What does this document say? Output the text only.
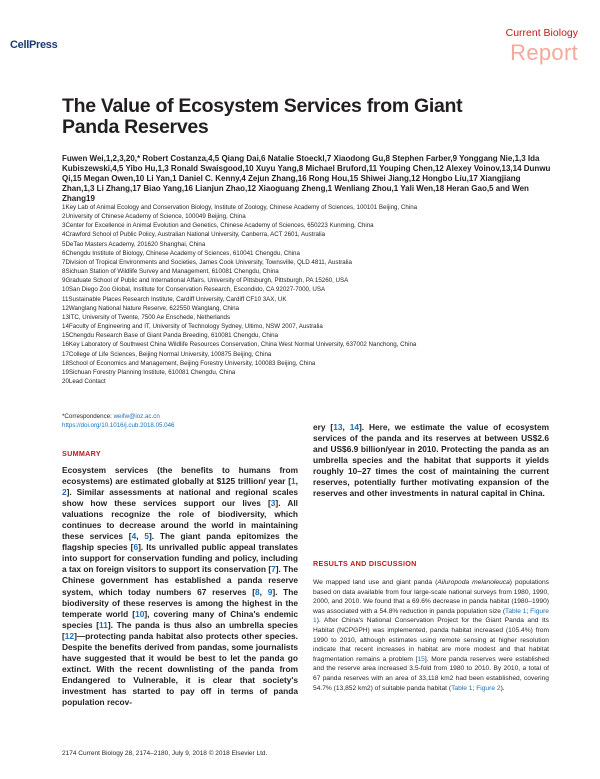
CellPress
Current Biology
Report
The Value of Ecosystem Services from Giant Panda Reserves

Fuwen Wei,1,2,3,20,* Robert Costanza,4,5 Qiang Dai,6 Natalie Stoeckl,7 Xiaodong Gu,8 Stephen Farber,9 Yonggang Nie,1,3 Ida Kubiszewski,4,5 Yibo Hu,1,3 Ronald Swaisgood,10 Xuyu Yang,8 Michael Bruford,11 Youping Chen,12 Alexey Voinov,13,14 Dunwu Qi,15 Megan Owen,10 Li Yan,1 Daniel C. Kenny,4 Zejun Zhang,16 Rong Hou,15 Shiwei Jiang,12 Hongbo Liu,17 Xiangjiang Zhan,1,3 Li Zhang,17 Biao Yang,16 Lianjun Zhao,12 Xiaoguang Zheng,1 Wenliang Zhou,1 Yali Wen,18 Heran Gao,5 and Wen Zhang19

1Key Lab of Animal Ecology and Conservation Biology, Institute of Zoology, Chinese Academy of Sciences, 100101 Beijing, China
2University of Chinese Academy of Science, 100049 Beijing, China
3Center for Excellence in Animal Evolution and Genetics, Chinese Academy of Sciences, 650223 Kunming, China
4Crawford School of Public Policy, Australian National University, Canberra, ACT 2601, Australia
5DeTao Masters Academy, 201620 Shanghai, China
6Chengdu Institute of Biology, Chinese Academy of Sciences, 610041 Chengdu, China
7Division of Tropical Environments and Societies, James Cook University, Townsville, QLD 4811, Australia
8Sichuan Station of Wildlife Survey and Management, 610081 Chengdu, China
9Graduate School of Public and International Affairs, University of Pittsburgh, Pittsburgh, PA 15260, USA
10San Diego Zoo Global, Institute for Conservation Research, Escondido, CA 92027-7000, USA
11Sustainable Places Research Institute, Cardiff University, Cardiff CF10 3AX, UK
12Wanglang National Nature Reserve, 622550 Wanglang, China
13ITC, University of Twente, 7500 Ae Enschede, Netherlands
14Faculty of Engineering and IT, University of Technology Sydney, Ultimo, NSW 2007, Australia
15Chengdu Research Base of Giant Panda Breeding, 610081 Chengdu, China
16Key Laboratory of Southwest China Wildlife Resources Conservation, China West Normal University, 637002 Nanchong, China
17College of Life Sciences, Beijing Normal University, 100875 Beijing, China
18School of Economics and Management, Beijing Forestry University, 100083 Beijing, China
19Sichuan Forestry Planning Institute, 610081 Chengdu, China
20Lead Contact
*Correspondence: weifw@ioz.ac.cn
https://doi.org/10.1016/j.cub.2018.05.046
SUMMARY

Ecosystem services (the benefits to humans from ecosystems) are estimated globally at $125 trillion/ year [1, 2]. Similar assessments at national and regional scales show how these services support our lives [3]. All valuations recognize the role of biodiversity, which continues to decrease around the world in maintaining these services [4, 5]. The giant panda epitomizes the flagship species [6]. Its unrivalled public appeal translates into support for conservation funding and policy, including a tax on foreign visitors to support its conservation [7]. The Chinese government has established a panda reserve system, which today numbers 67 reserves [8, 9]. The biodiversity of these reserves is among the highest in the temperate world [10], covering many of China's endemic species [11]. The panda is thus also an umbrella species [12]—protecting panda habitat also protects other species. Despite the benefits derived from pandas, some journalists have suggested that it would be best to let the panda go extinct. With the recent downlisting of the panda from Endangered to Vulnerable, it is clear that society's investment has started to pay off in terms of panda population recov-

ery [13, 14]. Here, we estimate the value of ecosystem services of the panda and its reserves at between US$2.6 and US$6.9 billion/year in 2010. Protecting the panda as an umbrella species and the habitat that supports it yields roughly 10–27 times the cost of maintaining the current reserves, potentially further motivating expansion of the reserves and other investments in natural capital in China.

RESULTS AND DISCUSSION

We mapped land use and giant panda (Ailuropoda melanoleuca) populations based on data available from four large-scale national surveys from 1980, 1990, 2000, and 2010. We found that a 69.6% decrease in panda habitat (1980–1990) was associated with a 54.8% reduction in panda population size (Table 1; Figure 1). After China's National Conservation Project for the Giant Panda and Its Habitat (NCPGPH) was implemented, panda habitat increased (105.4%) from 1990 to 2010, although estimates using remote sensing at higher resolution indicate that recent increases in habitat are more modest and that habitat fragmentation remains a problem [15]. More panda reserves were established and the reserve area increased 3.5-fold from 1980 to 2010. By 2010, a total of 67 panda reserves with an area of 33,118 km2 had been established, covering 54.7% (13,852 km2) of suitable panda habitat (Table 1; Figure 2).

2174 Current Biology 28, 2174–2180, July 9, 2018 © 2018 Elsevier Ltd.
